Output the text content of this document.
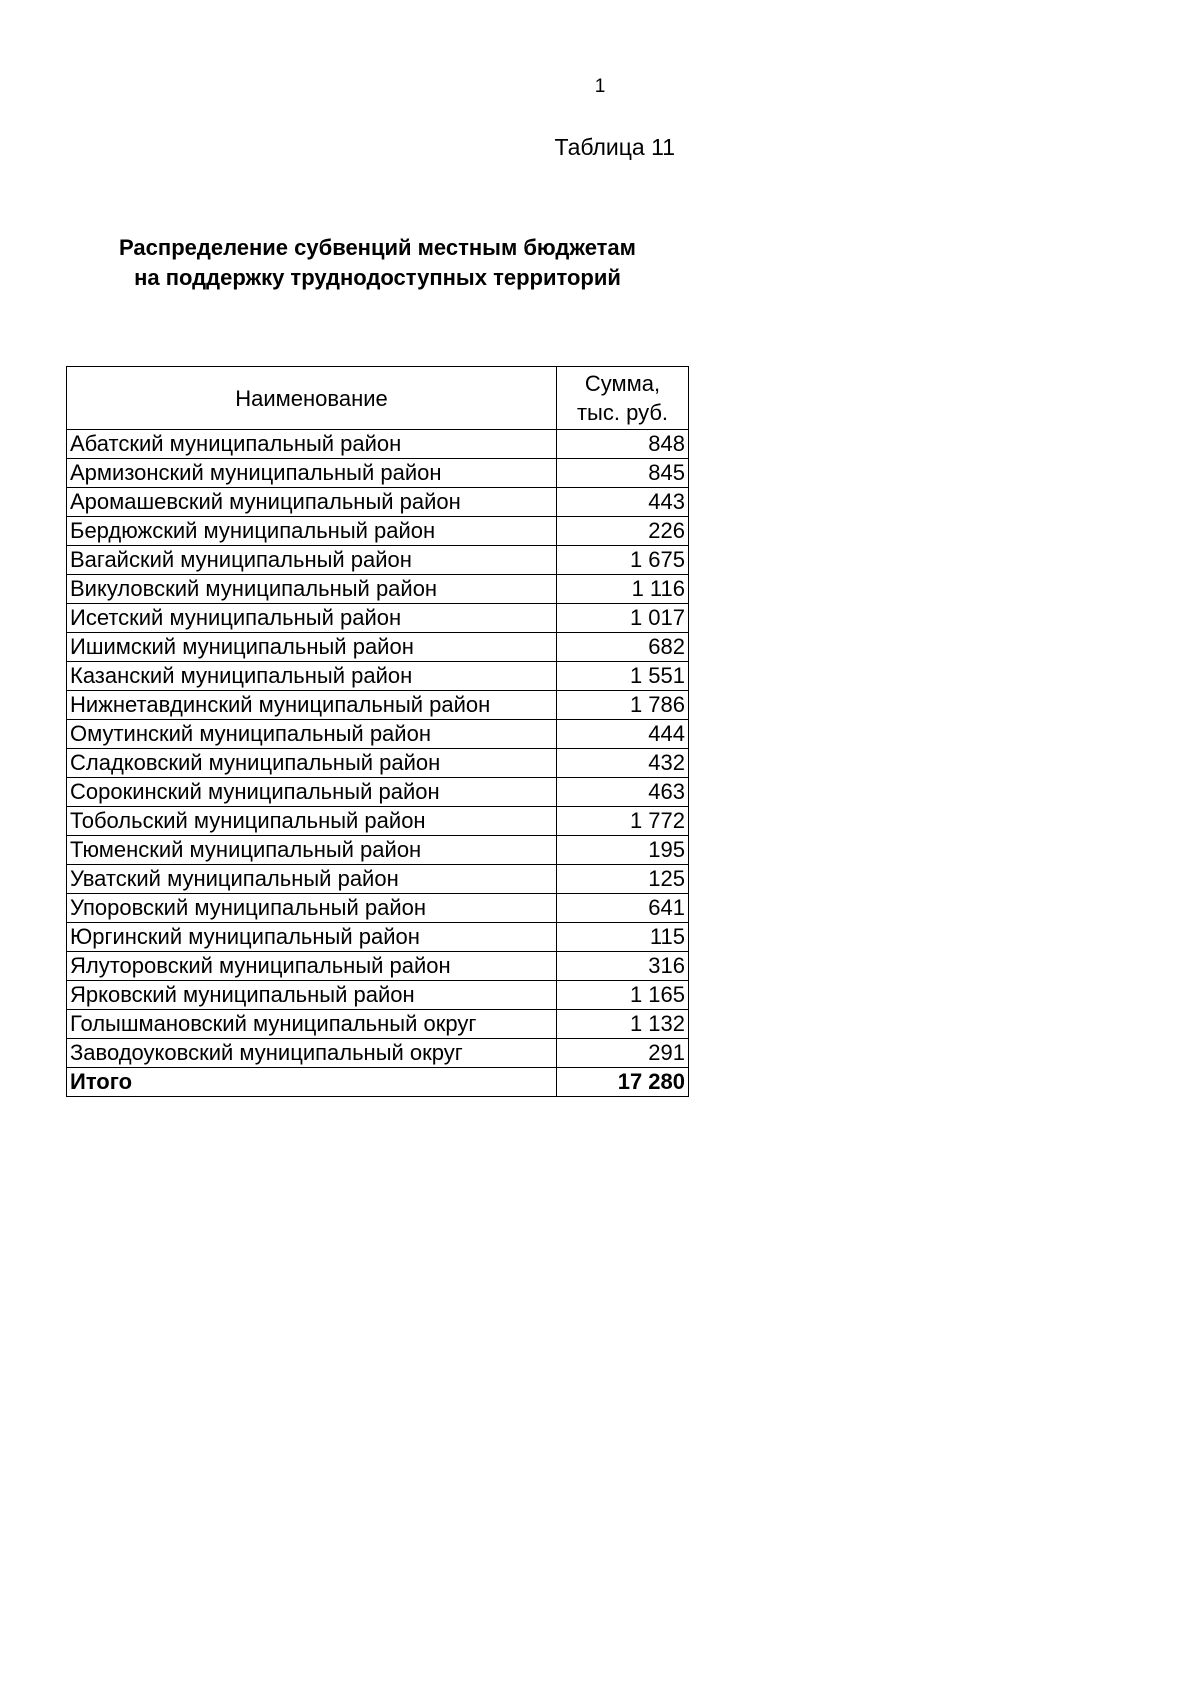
1
Таблица 11
Распределение субвенций местным бюджетам
на поддержку труднодоступных территорий
Наименование	Сумма,
тыс. руб.
Абатский муниципальный район	848
Армизонский муниципальный район	845
Аромашевский муниципальный район	443
Бердюжский муниципальный район	226
Вагайский муниципальный район	1 675
Викуловский муниципальный район	1 116
Исетский муниципальный район	1 017
Ишимский муниципальный район	682
Казанский муниципальный район	1 551
Нижнетавдинский муниципальный район	1 786
Омутинский муниципальный район	444
Сладковский муниципальный район	432
Сорокинский муниципальный район	463
Тобольский муниципальный район	1 772
Тюменский муниципальный район	195
Уватский муниципальный район	125
Упоровский муниципальный район	641
Юргинский муниципальный район	115
Ялуторовский муниципальный район	316
Ярковский муниципальный район	1 165
Голышмановский муниципальный округ	1 132
Заводоуковский муниципальный округ	291
Итого	17 280
